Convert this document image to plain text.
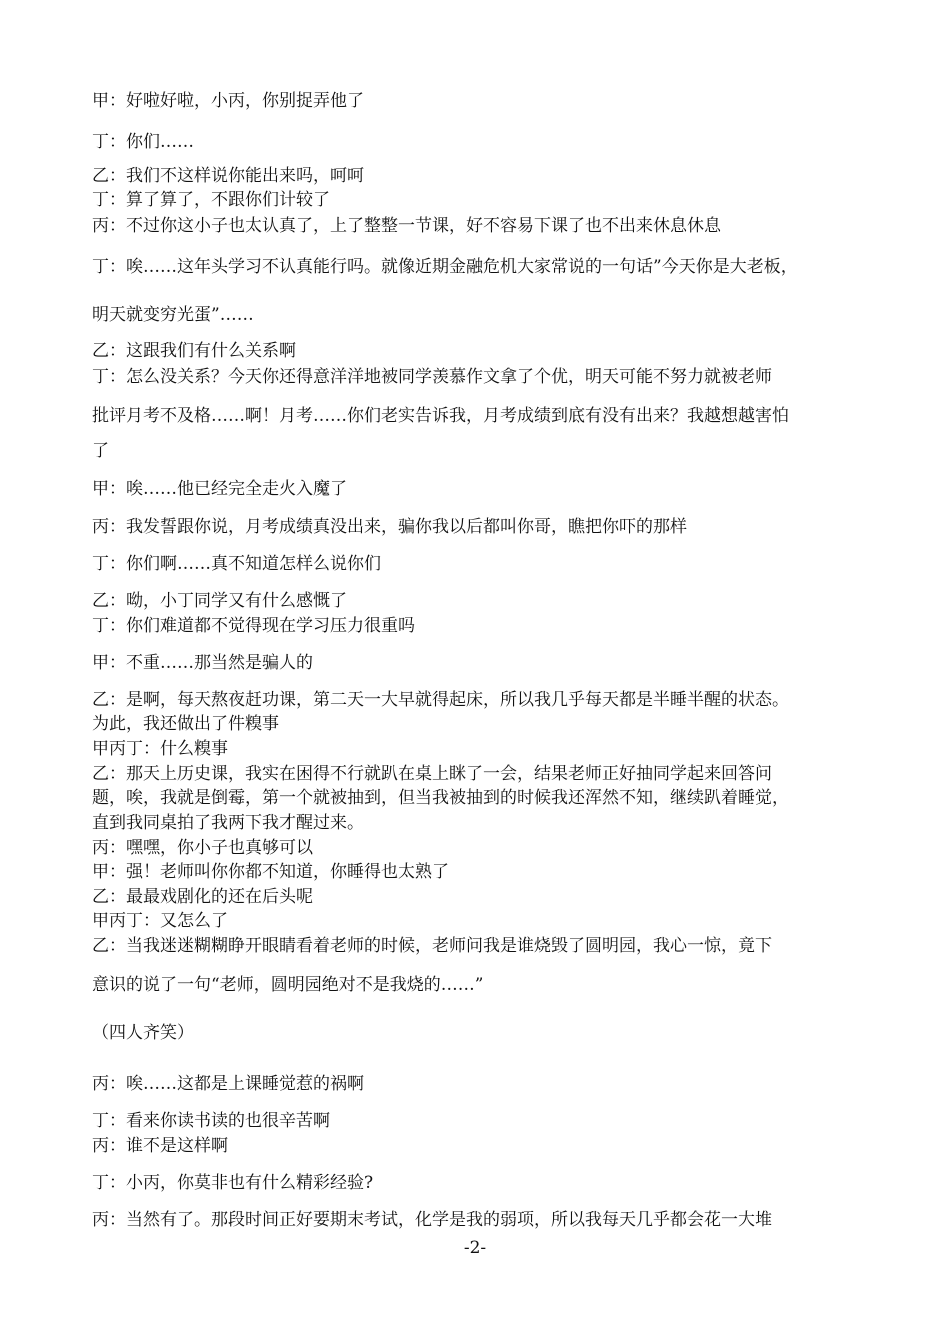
甲：好啦好啦，小丙，你别捉弄他了
丁：你们……
乙：我们不这样说你能出来吗，呵呵
丁：算了算了，不跟你们计较了
丙：不过你这小子也太认真了，上了整整一节课，好不容易下课了也不出来休息休息
丁：唉……这年头学习不认真能行吗。就像近期金融危机大家常说的一句话”今天你是大老板，
明天就变穷光蛋”……
乙：这跟我们有什么关系啊
丁：怎么没关系？今天你还得意洋洋地被同学羡慕作文拿了个优，明天可能不努力就被老师
批评月考不及格……啊！月考……你们老实告诉我，月考成绩到底有没有出来？我越想越害怕
了
甲：唉……他已经完全走火入魔了
丙：我发誓跟你说，月考成绩真没出来，骗你我以后都叫你哥，瞧把你吓的那样
丁：你们啊……真不知道怎样么说你们
乙：呦，小丁同学又有什么感慨了
丁：你们难道都不觉得现在学习压力很重吗
甲：不重……那当然是骗人的
乙：是啊，每天熬夜赶功课，第二天一大早就得起床，所以我几乎每天都是半睡半醒的状态。
为此，我还做出了件糗事
甲丙丁：什么糗事
乙：那天上历史课，我实在困得不行就趴在桌上眯了一会，结果老师正好抽同学起来回答问
题，唉，我就是倒霉，第一个就被抽到，但当我被抽到的时候我还浑然不知，继续趴着睡觉，
直到我同桌拍了我两下我才醒过来。
丙：嘿嘿，你小子也真够可以
甲：强！老师叫你你都不知道，你睡得也太熟了
乙：最最戏剧化的还在后头呢
甲丙丁：又怎么了
乙：当我迷迷糊糊睁开眼睛看着老师的时候，老师问我是谁烧毁了圆明园，我心一惊，竟下
意识的说了一句“老师，圆明园绝对不是我烧的……”
（四人齐笑）
丙：唉……这都是上课睡觉惹的祸啊
丁：看来你读书读的也很辛苦啊
丙：谁不是这样啊
丁：小丙，你莫非也有什么精彩经验?
丙：当然有了。那段时间正好要期末考试，化学是我的弱项，所以我每天几乎都会花一大堆
-2-
